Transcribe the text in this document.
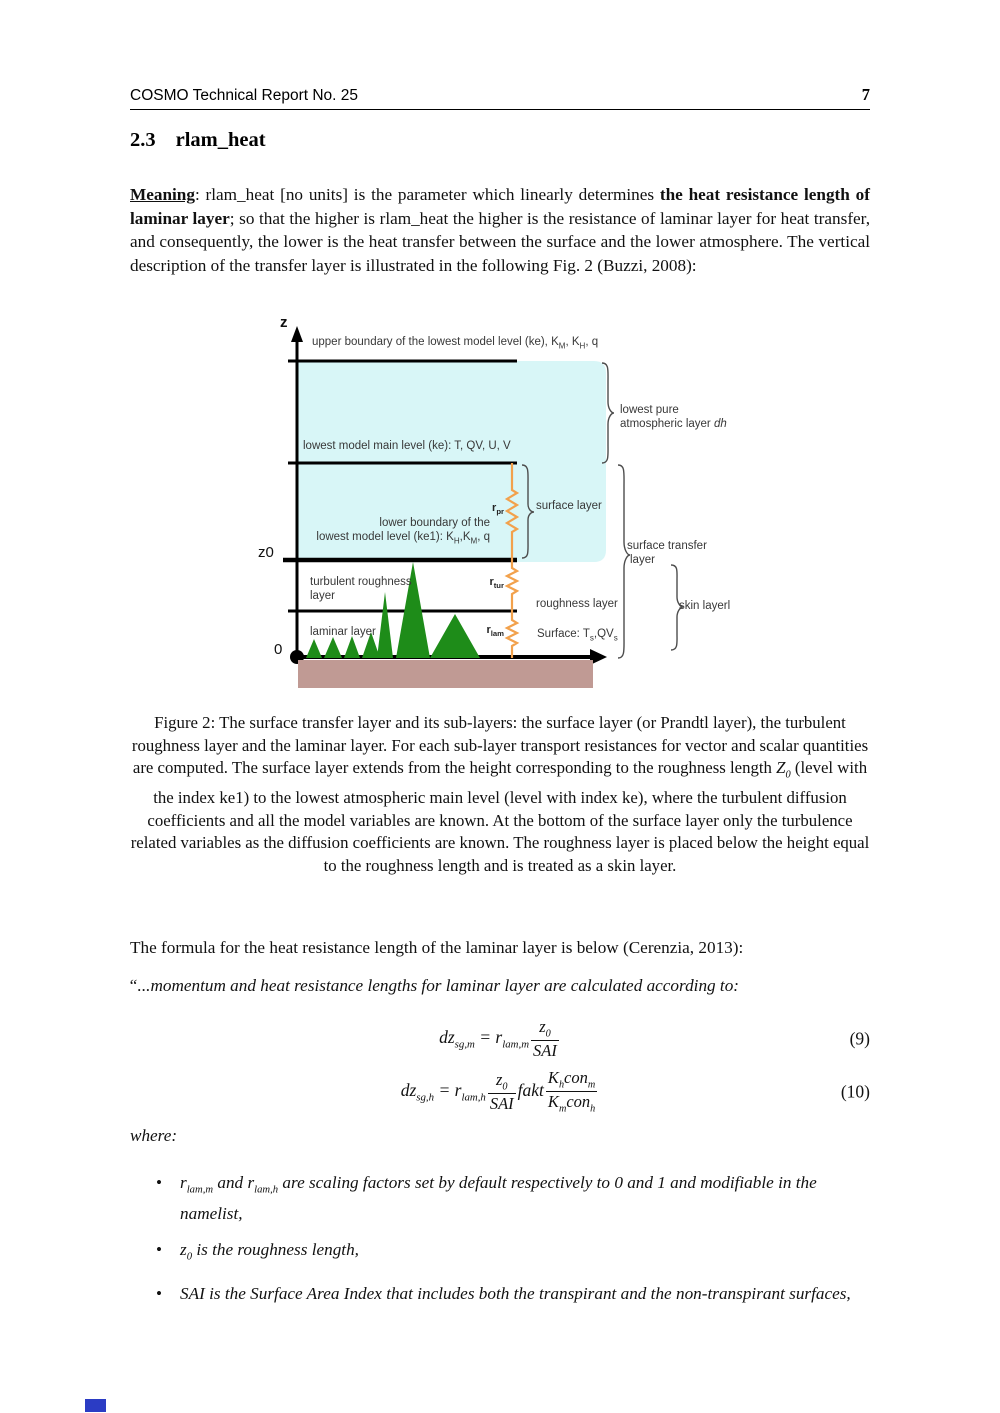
COSMO Technical Report No. 25	7
2.3 rlam_heat

Meaning: rlam_heat [no units] is the parameter which linearly determines the heat resistance length of laminar layer; so that the higher is rlam_heat the higher is the resistance of laminar layer for heat transfer, and consequently, the lower is the heat transfer between the surface and the lower atmosphere. The vertical description of the transfer layer is illustrated in the following Fig. 2 (Buzzi, 2008):

z
z0
0
upper boundary of the lowest model level (ke), $K_M$, $K_H$, q
lowest model main level (ke): T, QV, U, V
lower boundary of the
lowest model level (ke1): $K_H,K_M$, q
turbulent roughness
layer
laminar layer
$r_{pr}$
$r_{tur}$
$r_{lam}$
surface layer
roughness layer
Surface: $T_s,QV_s$
lowest pure
atmospheric layer dh
surface transfer
layer
skin layerl

Figure 2: The surface transfer layer and its sub-layers: the surface layer (or Prandtl layer), the turbulent roughness layer and the laminar layer. For each sub-layer transport resistances for vector and scalar quantities are computed. The surface layer extends from the height corresponding to the roughness length $Z_0$ (level with the index ke1) to the lowest atmospheric main level (level with index ke), where the turbulent diffusion coefficients and all the model variables are known. At the bottom of the surface layer only the turbulence related variables as the diffusion coefficients are known. The roughness layer is placed below the height equal to the roughness length and is treated as a skin layer.

The formula for the heat resistance length of the laminar layer is below (Cerenzia, 2013):

“...momentum and heat resistance lengths for laminar layer are calculated according to:

$dz_{sg,m} = r_{lam,m} \frac{z_0}{\text{SAI}}$	(9)
$dz_{sg,h} = r_{lam,h} \frac{z_0}{\text{SAI}}$ fakt $\frac{K_hcon_m}{K_mcon_h}$	(10)

where:

•	$r_{lam,m}$ and $r_{lam,h}$ are scaling factors set by default respectively to 0 and 1 and modifiable in the namelist,
•	$z_0$ is the roughness length,
•	SAI is the Surface Area Index that includes both the transpirant and the non-transpirant surfaces,
